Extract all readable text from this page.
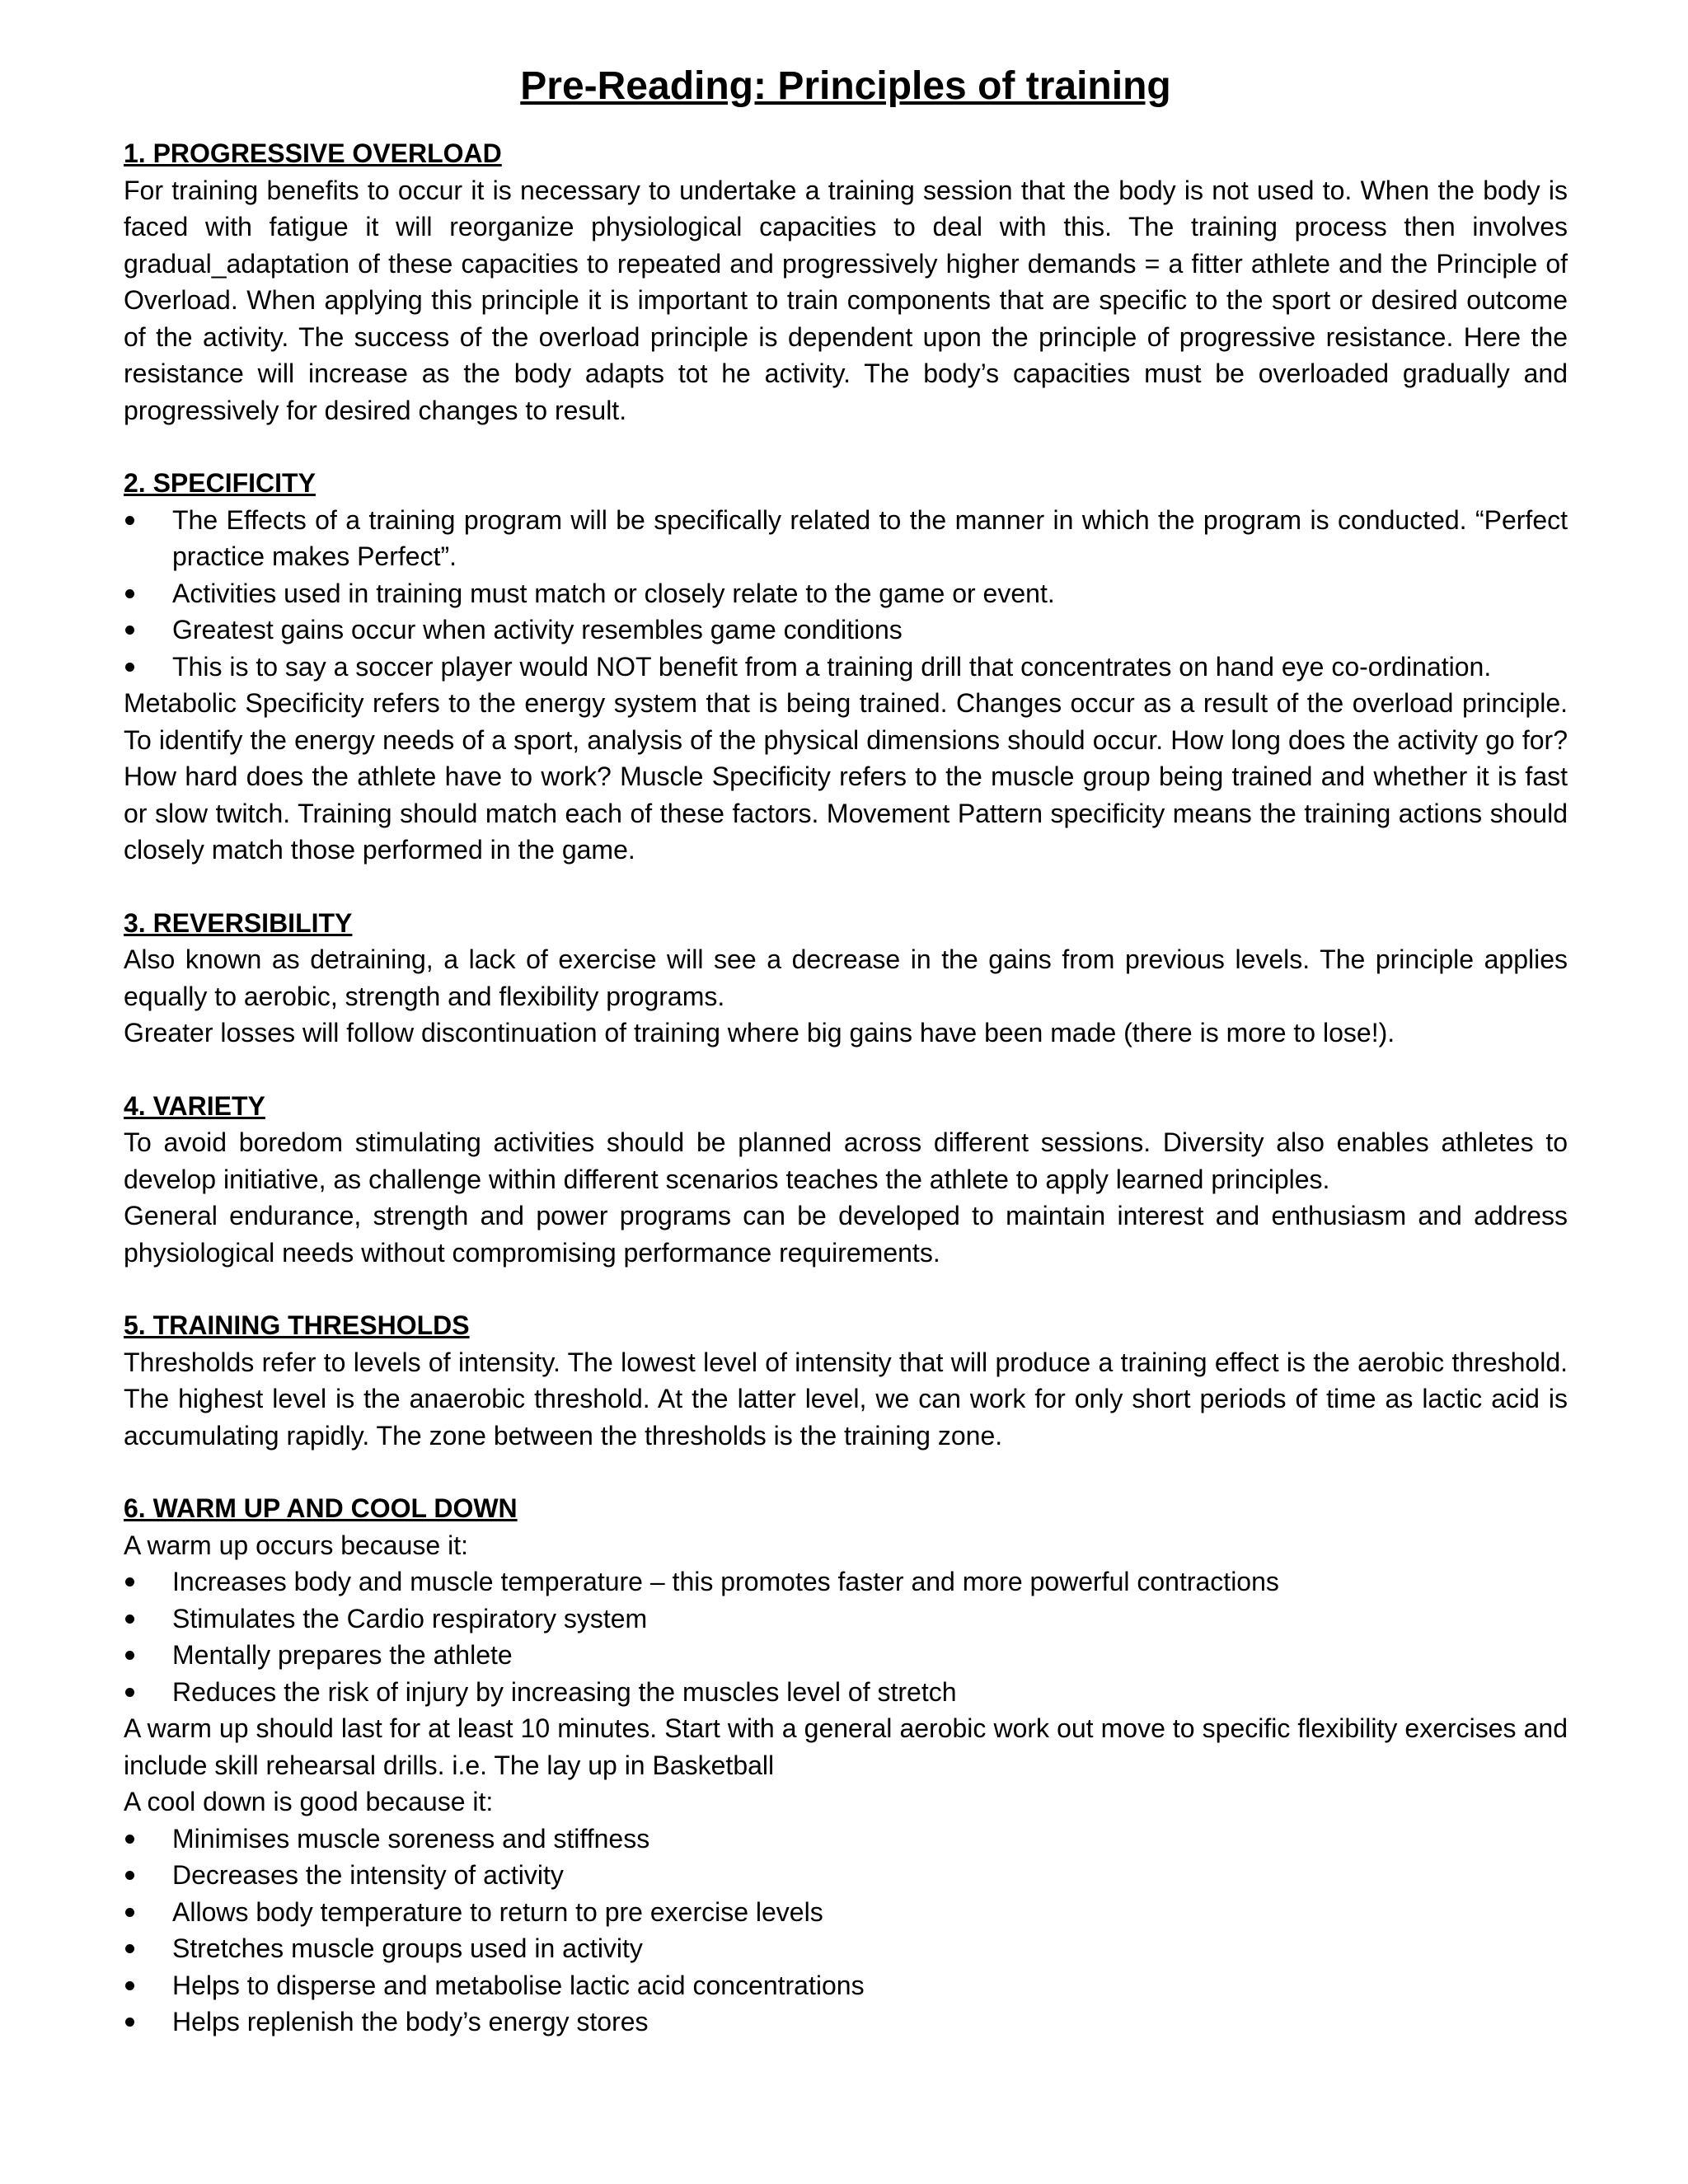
Pre-Reading: Principles of training
1. PROGRESSIVE OVERLOAD

For training benefits to occur it is necessary to undertake a training session that the body is not used to. When the body is faced with fatigue it will reorganize physiological capacities to deal with this. The training process then involves gradual_adaptation of these capacities to repeated and progressively higher demands = a fitter athlete and the Principle of Overload. When applying this principle it is important to train components that are specific to the sport or desired outcome of the activity. The success of the overload principle is dependent upon the principle of progressive resistance. Here the resistance will increase as the body adapts tot he activity. The body’s capacities must be overloaded gradually and progressively for desired changes to result.

2. SPECIFICITY
The Effects of a training program will be specifically related to the manner in which the program is conducted. “Perfect practice makes Perfect”.
Activities used in training must match or closely relate to the game or event.
Greatest gains occur when activity resembles game conditions
This is to say a soccer player would NOT benefit from a training drill that concentrates on hand eye co-ordination.

Metabolic Specificity refers to the energy system that is being trained. Changes occur as a result of the overload principle. To identify the energy needs of a sport, analysis of the physical dimensions should occur. How long does the activity go for? How hard does the athlete have to work? Muscle Specificity refers to the muscle group being trained and whether it is fast or slow twitch. Training should match each of these factors. Movement Pattern specificity means the training actions should closely match those performed in the game.

3. REVERSIBILITY

Also known as detraining, a lack of exercise will see a decrease in the gains from previous levels. The principle applies equally to aerobic, strength and flexibility programs.

Greater losses will follow discontinuation of training where big gains have been made (there is more to lose!).

4. VARIETY

To avoid boredom stimulating activities should be planned across different sessions. Diversity also enables athletes to develop initiative, as challenge within different scenarios teaches the athlete to apply learned principles.

General endurance, strength and power programs can be developed to maintain interest and enthusiasm and address physiological needs without compromising performance requirements.

5. TRAINING THRESHOLDS

Thresholds refer to levels of intensity. The lowest level of intensity that will produce a training effect is the aerobic threshold. The highest level is the anaerobic threshold. At the latter level, we can work for only short periods of time as lactic acid is accumulating rapidly. The zone between the thresholds is the training zone.

6. WARM UP AND COOL DOWN

A warm up occurs because it:

Increases body and muscle temperature – this promotes faster and more powerful contractions
Stimulates the Cardio respiratory system
Mentally prepares the athlete
Reduces the risk of injury by increasing the muscles level of stretch

A warm up should last for at least 10 minutes. Start with a general aerobic work out move to specific flexibility exercises and include skill rehearsal drills. i.e. The lay up in Basketball

A cool down is good because it:

Minimises muscle soreness and stiffness
Decreases the intensity of activity
Allows body temperature to return to pre exercise levels
Stretches muscle groups used in activity
Helps to disperse and metabolise lactic acid concentrations
Helps replenish the body’s energy stores
